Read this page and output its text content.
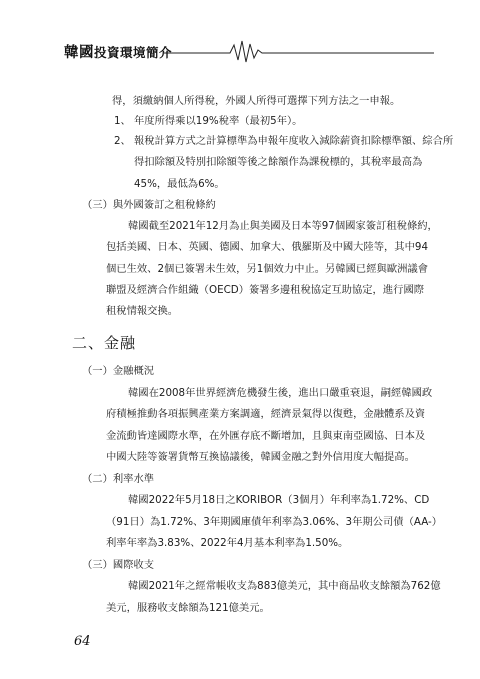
韓國投資環境簡介
得，須繳納個人所得稅，外國人所得可選擇下列方法之一申報。
1、 年度所得乘以19%稅率（最初5年）。
2、 報稅計算方式之計算標準為申報年度收入減除薪資扣除標準額、綜合所
得扣除額及特別扣除額等後之餘額作為課稅標的，其稅率最高為
45%，最低為6%。
（三）與外國簽訂之租稅條約
韓國截至2021年12月為止與美國及日本等97個國家簽訂租稅條約，
包括美國、日本、英國、德國、加拿大、俄羅斯及中國大陸等，其中94
個已生效、2個已簽署未生效，另1個效力中止。另韓國已經與歐洲議會
聯盟及經濟合作組織（OECD）簽署多邊租稅協定互助協定，進行國際
租稅情報交換。
二、金融
（一）金融概況
韓國在2008年世界經濟危機發生後，進出口嚴重衰退，嗣經韓國政
府積極推動各項振興產業方案調適，經濟景氣得以復甦，金融體系及資
金流動皆達國際水準，在外匯存底不斷增加，且與東南亞國協、日本及
中國大陸等簽署貨幣互換協議後，韓國金融之對外信用度大幅提高。
（二）利率水準
韓國2022年5月18日之KORIBOR（3個月）年利率為1.72%、CD
（91日）為1.72%、3年期國庫債年利率為3.06%、3年期公司債（AA-）
利率年率為3.83%、2022年4月基本利率為1.50%。
（三）國際收支
韓國2021年之經常帳收支為883億美元，其中商品收支餘額為762億
美元，服務收支餘額為121億美元。
64
